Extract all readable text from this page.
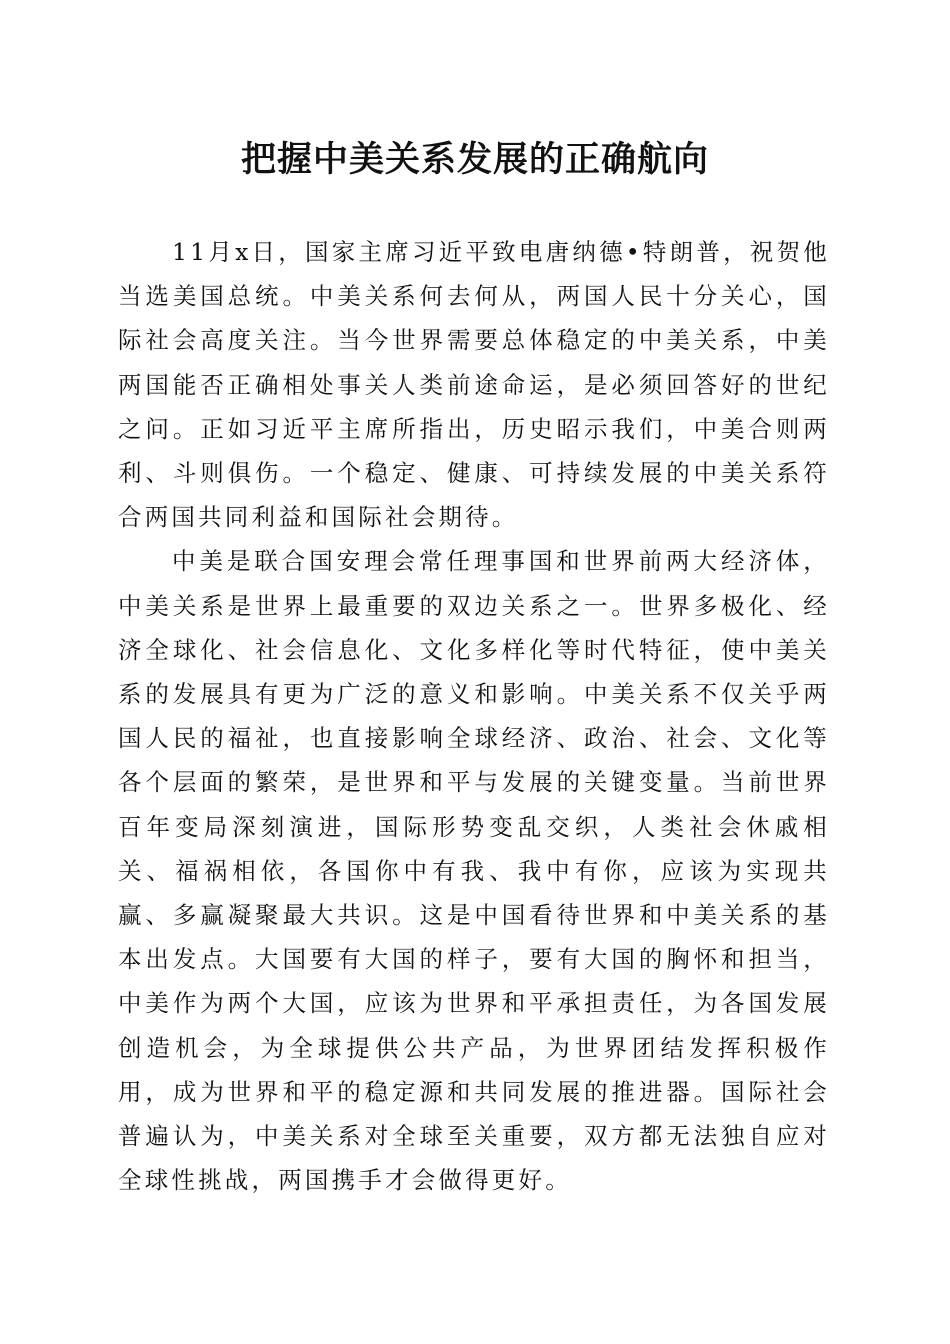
把握中美关系发展的正确航向

11月x日，国家主席习近平致电唐纳德•特朗普，祝贺他当选美国总统。中美关系何去何从，两国人民十分关心，国际社会高度关注。当今世界需要总体稳定的中美关系，中美两国能否正确相处事关人类前途命运，是必须回答好的世纪之问。正如习近平主席所指出，历史昭示我们，中美合则两利、斗则俱伤。一个稳定、健康、可持续发展的中美关系符合两国共同利益和国际社会期待。

中美是联合国安理会常任理事国和世界前两大经济体，中美关系是世界上最重要的双边关系之一。世界多极化、经济全球化、社会信息化、文化多样化等时代特征，使中美关系的发展具有更为广泛的意义和影响。中美关系不仅关乎两国人民的福祉，也直接影响全球经济、政治、社会、文化等各个层面的繁荣，是世界和平与发展的关键变量。当前世界百年变局深刻演进，国际形势变乱交织，人类社会休戚相关、福祸相依，各国你中有我、我中有你，应该为实现共赢、多赢凝聚最大共识。这是中国看待世界和中美关系的基本出发点。大国要有大国的样子，要有大国的胸怀和担当，中美作为两个大国，应该为世界和平承担责任，为各国发展创造机会，为全球提供公共产品，为世界团结发挥积极作用，成为世界和平的稳定源和共同发展的推进器。国际社会普遍认为，中美关系对全球至关重要，双方都无法独自应对全球性挑战，两国携手才会做得更好。
